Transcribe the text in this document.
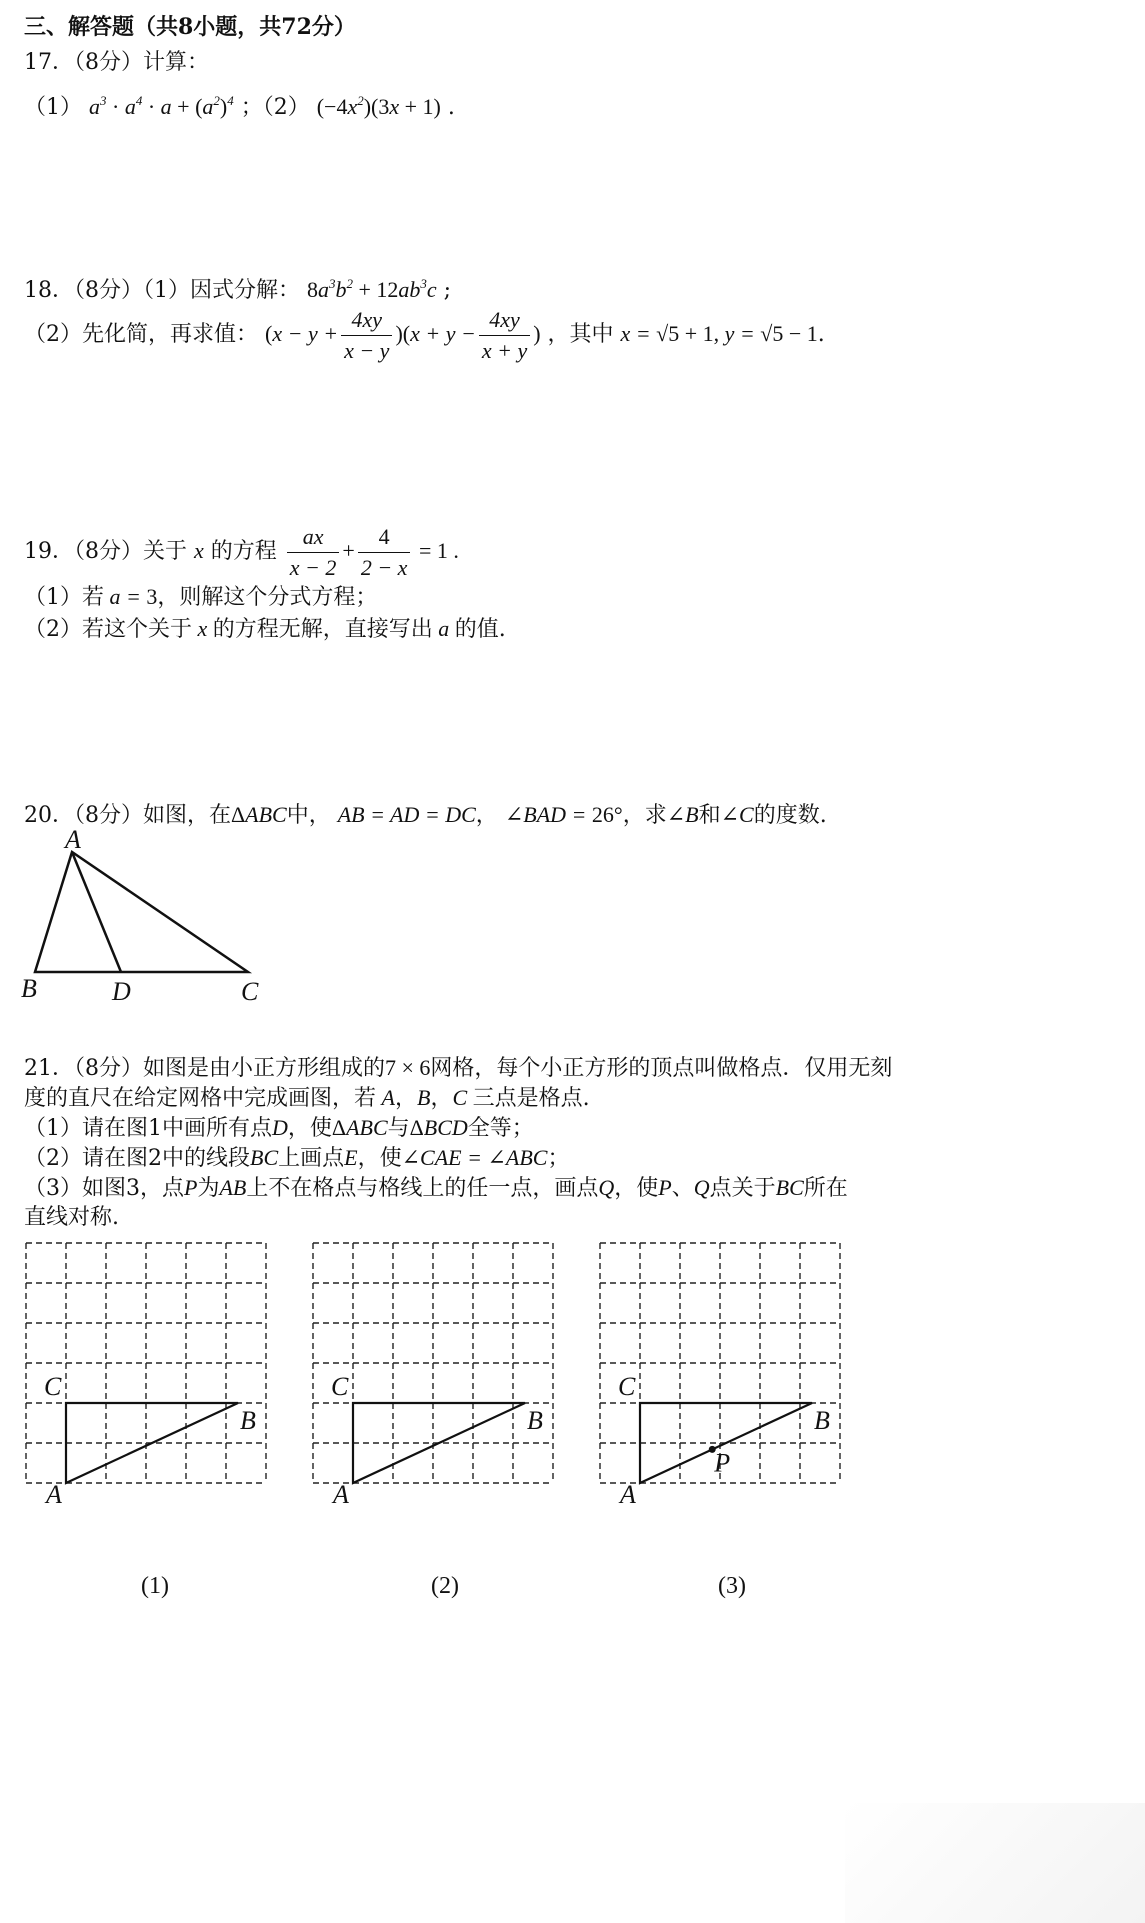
三、解答题（共8小题，共72分）
17．（8分）计算：
（1） $a^3 \cdot a^4 \cdot a + (a^2)^4$ ；（2） $(-4x^2)(3x + 1)$ .
18．（8分）（1）因式分解： $8a^3b^2 + 12ab^3c$ ;
（2）先化简，再求值： $(x - y + \frac{4xy}{x - y} )(x + y - \frac{4xy}{x + y}$ ) ，其中 x = √5 + 1, y = √5 − 1.
19．（8分）关于 x 的方程 $\frac{ax}{x - 2} + \frac{4}{2 - x} = 1$ .
（1）若 a = 3，则解这个分式方程；
（2）若这个关于 x 的方程无解，直接写出 a 的值.
20．（8分）如图，在ΔABC中， AB = AD = DC， ∠BAD = 26°，求∠B和∠C的度数.
A
B	D	C
21．（8分）如图是由小正方形组成的7 × 6网格，每个小正方形的顶点叫做格点．仅用无刻
度的直尺在给定网格中完成画图，若 A，B，C 三点是格点.
（1）请在图1中画所有点D，使ΔABC与ΔBCD全等；
（2）请在图2中的线段BC上画点E，使∠CAE = ∠ABC；
（3）如图3，点P为AB上不在格点与格线上的任一点，画点Q，使P、Q点关于BC所在
直线对称.
A
C
B
A
C
B
A
C
B
P
(1)	(2)	(3)
